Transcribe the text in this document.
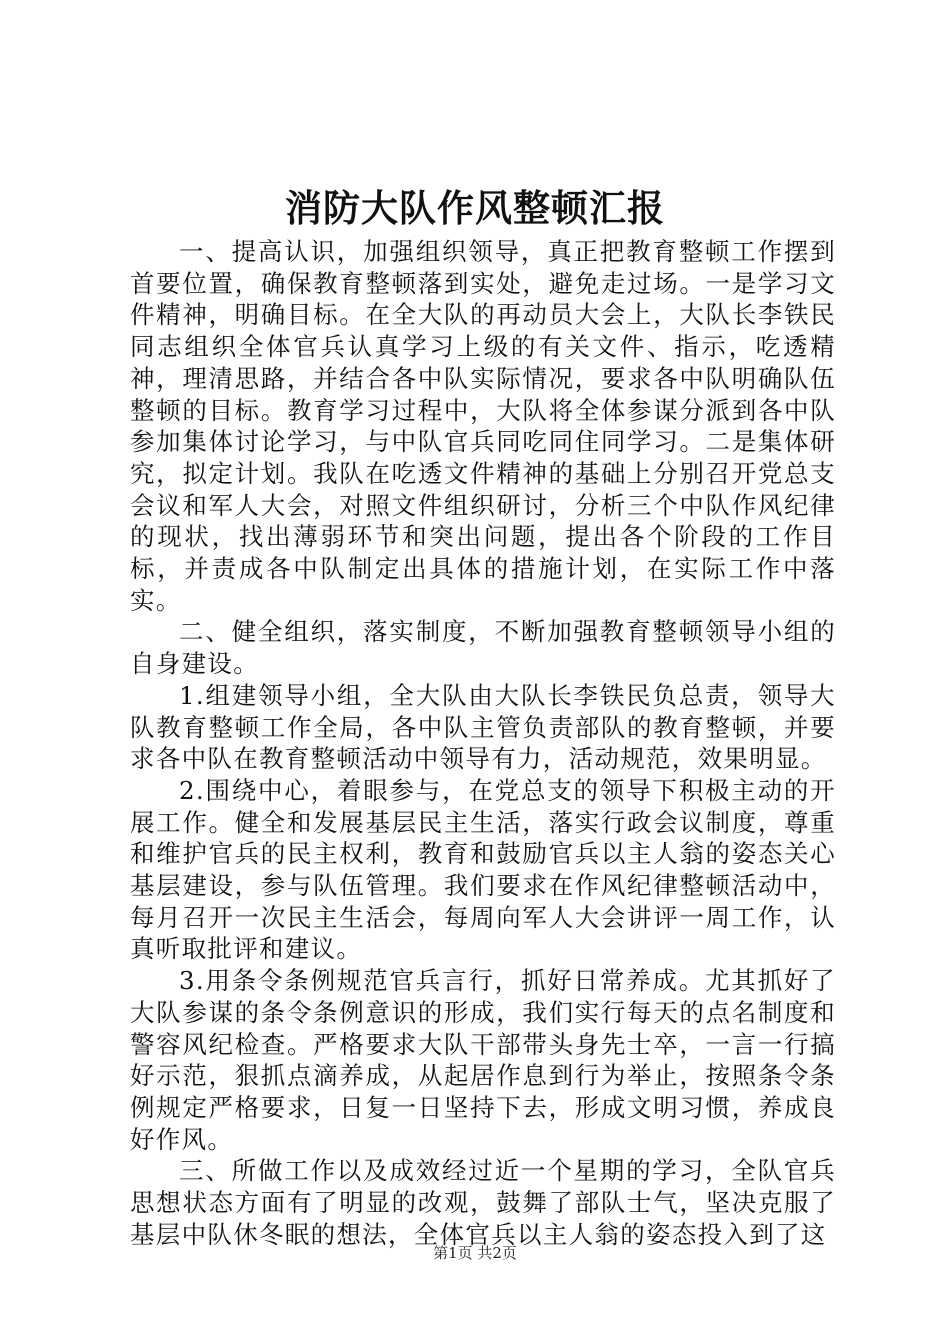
消防大队作风整顿汇报

一、提高认识，加强组织领导，真正把教育整顿工作摆到首要位置，确保教育整顿落到实处，避免走过场。一是学习文件精神，明确目标。在全大队的再动员大会上，大队长李铁民同志组织全体官兵认真学习上级的有关文件、指示，吃透精神，理清思路，并结合各中队实际情况，要求各中队明确队伍整顿的目标。教育学习过程中，大队将全体参谋分派到各中队参加集体讨论学习，与中队官兵同吃同住同学习。二是集体研究，拟定计划。我队在吃透文件精神的基础上分别召开党总支会议和军人大会，对照文件组织研讨，分析三个中队作风纪律的现状，找出薄弱环节和突出问题，提出各个阶段的工作目标，并责成各中队制定出具体的措施计划，在实际工作中落实。

二、健全组织，落实制度，不断加强教育整顿领导小组的自身建设。

1.组建领导小组，全大队由大队长李铁民负总责，领导大队教育整顿工作全局，各中队主管负责部队的教育整顿，并要求各中队在教育整顿活动中领导有力，活动规范，效果明显。

2.围绕中心，着眼参与，在党总支的领导下积极主动的开展工作。健全和发展基层民主生活，落实行政会议制度，尊重和维护官兵的民主权利，教育和鼓励官兵以主人翁的姿态关心基层建设，参与队伍管理。我们要求在作风纪律整顿活动中，每月召开一次民主生活会，每周向军人大会讲评一周工作，认真听取批评和建议。

3.用条令条例规范官兵言行，抓好日常养成。尤其抓好了大队参谋的条令条例意识的形成，我们实行每天的点名制度和警容风纪检查。严格要求大队干部带头身先士卒，一言一行搞好示范，狠抓点滴养成，从起居作息到行为举止，按照条令条例规定严格要求，日复一日坚持下去，形成文明习惯，养成良好作风。

三、所做工作以及成效经过近一个星期的学习，全队官兵思想状态方面有了明显的改观，鼓舞了部队士气，坚决克服了基层中队休冬眠的想法，全体官兵以主人翁的姿态投入到了这

第1页 共2页
